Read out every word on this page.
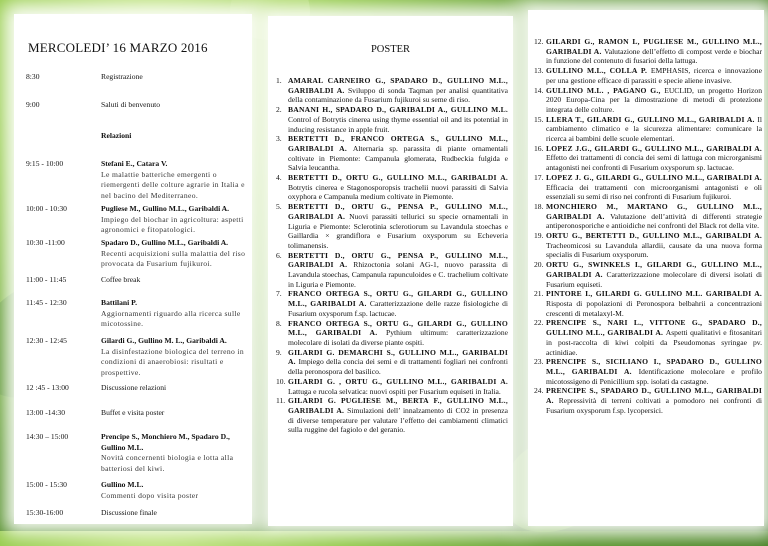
MERCOLEDI’ 16 MARZO 2016
8:30	Registrazione
9:00	Saluti di benvenuto
Relazioni
9:15 - 10:00	Stefani E., Catara V.
Le malattie batteriche emergenti o riemergenti delle colture agrarie in Italia e nel bacino del Mediterraneo.
10:00 - 10:30	Pugliese M., Gullino M.L., Garibaldi A.
Impiego del biochar in agricoltura: aspetti agronomici e fitopatologici.
10:30 -11:00	Spadaro D., Gullino M.L., Garibaldi A.
Recenti acquisizioni sulla malattia del riso provocata da Fusarium fujikuroi.
11:00 - 11:45	Coffee break
11:45 - 12:30	Battilani P.
Aggiornamenti riguardo alla ricerca sulle micotossine.
12:30 - 12:45	Gilardi G., Gullino M. L., Garibaldi A.
La disinfestazione biologica del terreno in condizioni di anaerobiosi: risultati e prospettive.
12 :45 - 13:00	Discussione relazioni
13:00 -14:30	Buffet e visita poster
14:30 – 15:00	Prencipe S., Monchiero M., Spadaro D., Gullino M.L.
Novità concernenti biologia e lotta alla batteriosi del kiwi.
15:00 - 15:30	Gullino M.L.
Commenti dopo visita poster
15:30-16:00	Discussione finale
POSTER
1. AMARAL CARNEIRO G., SPADARO D., GULLINO M.L., GARIBALDI A. Sviluppo di sonda Taqman per analisi quantitativa della contaminazione da Fusarium fujikuroi su seme di riso.
2. BANANI H., SPADARO D., GARIBALDI A., GULLINO M.L. Control of Botrytis cinerea using thyme essential oil and its potential in inducing resistance in apple fruit.
3. BERTETTI D., FRANCO ORTEGA S., GULLINO M.L., GARIBALDI A. Alternaria sp. parassita di piante ornamentali coltivate in Piemonte: Campanula glomerata, Rudbeckia fulgida e Salvia leucantha.
4. BERTETTI D., ORTU G., GULLINO M.L., GARIBALDI A. Botrytis cinerea e Stagonosporopsis trachelii nuovi parassiti di Salvia oxyphora e Campanula medium coltivate in Piemonte.
5. BERTETTI D., ORTU G., PENSA P., GULLINO M.L., GARIBALDI A. Nuovi parassiti tellurici su specie ornamentali in Liguria e Piemonte: Sclerotinia sclerotiorum su Lavandula stoechas e Gaillardia × grandiflora e Fusarium oxysporum su Echeveria tolimanensis.
6. BERTETTI D., ORTU G., PENSA P., GULLINO M.L., GARIBALDI A. Rhizoctonia solani AG-1, nuovo parassita di Lavandula stoechas, Campanula rapunculoides e C. trachelium coltivate in Liguria e Piemonte.
7. FRANCO ORTEGA S., ORTU G., GILARDI G., GULLINO M.L., GARIBALDI A. Caratterizzazione delle razze fisiologiche di Fusarium oxysporum f.sp. lactucae.
8. FRANCO ORTEGA S., ORTU G., GILARDI G., GULLINO M.L., GARIBALDI A. Pythium ultimum: caratterizzazione molecolare di isolati da diverse piante ospiti.
9. GILARDI G. DEMARCHI S., GULLINO M.L., GARIBALDI A. Impiego della concia dei semi e di trattamenti fogliari nei confronti della peronospora del basilico.
10. GILARDI G. , ORTU G., GULLINO M.L., GARIBALDI A. Lattuga e rucola selvatica: nuovi ospiti per Fusarium equiseti in Italia.
11. GILARDI G. PUGLIESE M., BERTA F., GULLINO M.L., GARIBALDI A. Simulazioni dell’ innalzamento di CO2 in presenza di diverse temperature per valutare l’effetto dei cambiamenti climatici sulla ruggine del fagiolo e del geranio.
12. GILARDI G., RAMON L, PUGLIESE M., GULLINO M.L., GARIBALDI A. Valutazione dell’effetto di compost verde e biochar in funzione del contenuto di fusarioi della lattuga.
13. GULLINO M.L., COLLA P. EMPHASIS, ricerca e innovazione per una gestione efficace di parassiti e specie aliene invasive.
14. GULLINO M.L. , PAGANO G., EUCLID, un progetto Horizon 2020 Europa-Cina per la dimostrazione di metodi di protezione integrata delle colture.
15. LLERA T., GILARDI G., GULLINO M.L., GARIBALDI A. Il cambiamento climatico e la sicurezza alimentare: comunicare la ricerca ai bambini delle scuole elementari.
16. LOPEZ J.G., GILARDI G., GULLINO M.L., GARIBALDI A. Effetto dei trattamenti di concia dei semi di lattuga con microrganismi antagonisti nei confronti di Fusarium oxysporum sp. lactucae.
17. LOPEZ J. G., GILARDI G., GULLINO M.L., GARIBALDI A. Efficacia dei trattamenti con microorganismi antagonisti e oli essenziali su semi di riso nei confronti di Fusarium fujikuroi.
18. MONCHIERO M., MARTANO G., GULLINO M.L., GARIBALDI A. Valutazione dell’attività di differenti strategie antiperonosporiche e antioidiche nei confronti del Black rot della vite.
19. ORTU G., BERTETTI D., GULLINO M.L., GARIBALDI A. Tracheomicosi su Lavandula allardii, causate da una nuova forma specialis di Fusarium oxysporum.
20. ORTU G., SWINKELS I., GILARDI G., GULLINO M.L., GARIBALDI A. Caratterizzazione molecolare di diversi isolati di Fusarium equiseti.
21. PINTORE I., GILARDI G. GULLINO M.L. GARIBALDI A. Risposta di popolazioni di Peronospora belbahrii a concentrazioni crescenti di metalaxyl-M.
22. PRENCIPE S., NARI L., VITTONE G., SPADARO D., GULLINO M.L., GARIBALDI A. Aspetti qualitativi e fitosanitari in post-raccolta di kiwi colpiti da Pseudomonas syringae pv. actinidiae.
23. PRENCIPE S., SICILIANO I., SPADARO D., GULLINO M.L., GARIBALDI A. Identificazione molecolare e profilo micotossigeno di Penicillium spp. isolati da castagne.
24. PRENCIPE S., SPADARO D., GULLINO M.L., GARIBALDI A. Repressività di terreni coltivati a pomodoro nei confronti di Fusarium oxysporum f.sp. lycopersici.
